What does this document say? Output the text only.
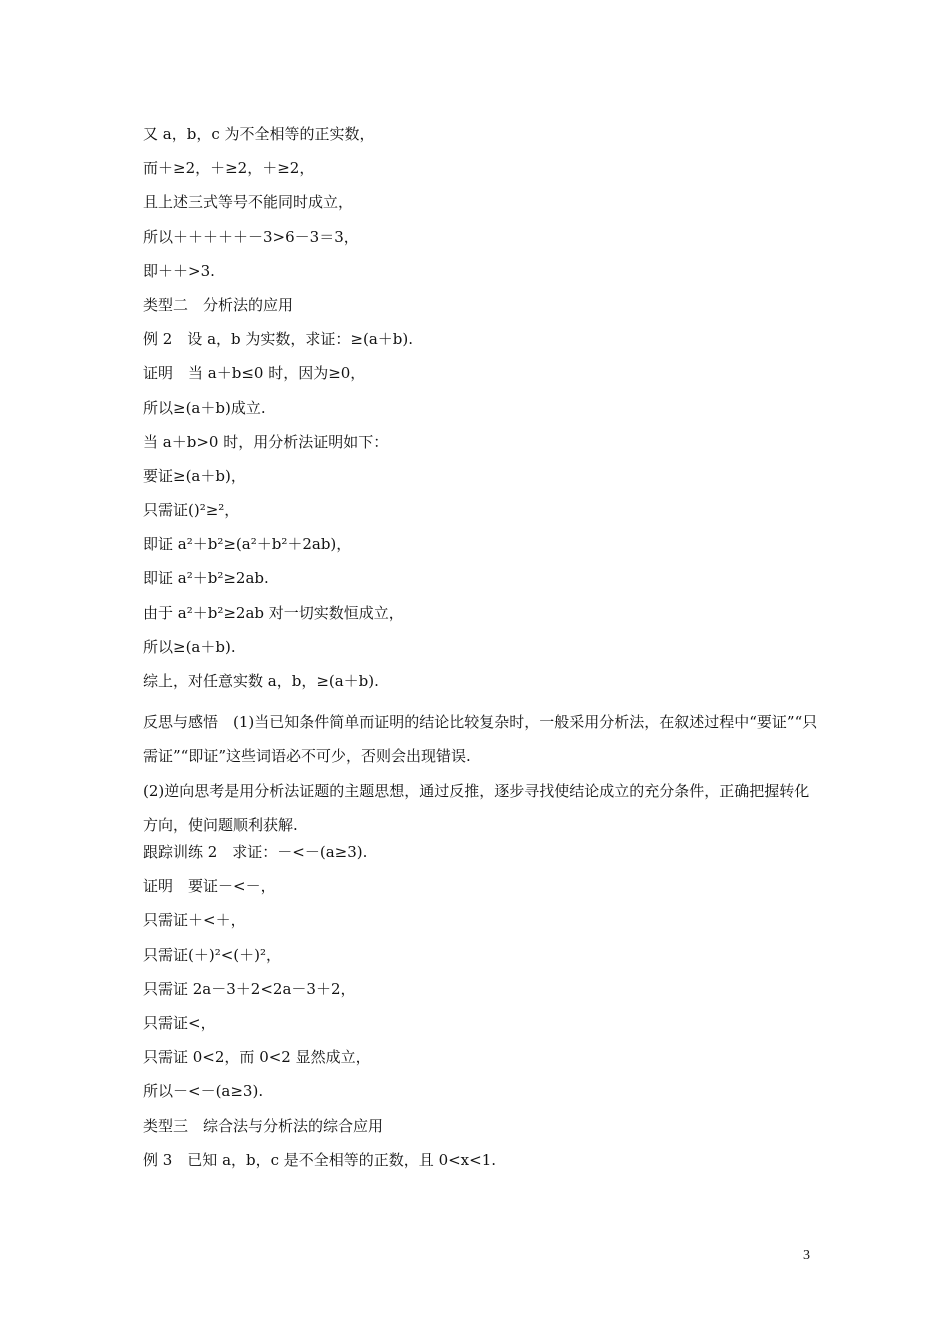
又 a，b，c 为不全相等的正实数，
而＋≥2，＋≥2，＋≥2，
且上述三式等号不能同时成立，
所以＋＋＋＋＋－3>6－3＝3，
即＋＋>3.
类型二　分析法的应用
例 2　设 a，b 为实数，求证：≥(a＋b).
证明　当 a＋b≤0 时，因为≥0，
所以≥(a＋b)成立.
当 a＋b>0 时，用分析法证明如下：
要证≥(a＋b)，
只需证()²≥²，
即证 a²＋b²≥(a²＋b²＋2ab)，
即证 a²＋b²≥2ab.
由于 a²＋b²≥2ab 对一切实数恒成立，
所以≥(a＋b).
综上，对任意实数 a，b，≥(a＋b).
反思与感悟　(1)当已知条件简单而证明的结论比较复杂时，一般采用分析法，在叙述过程中“要证”“只需证”“即证”这些词语必不可少，否则会出现错误.
(2)逆向思考是用分析法证题的主题思想，通过反推，逐步寻找使结论成立的充分条件，正确把握转化方向，使问题顺利获解.
跟踪训练 2　求证：－<－(a≥3).
证明　要证－<－，
只需证＋<＋，
只需证(＋)²<(＋)²，
只需证 2a－3＋2<2a－3＋2，
只需证<，
只需证 0<2，而 0<2 显然成立，
所以－<－(a≥3).
类型三　综合法与分析法的综合应用
例 3　已知 a，b，c 是不全相等的正数，且 0<x<1.
3
